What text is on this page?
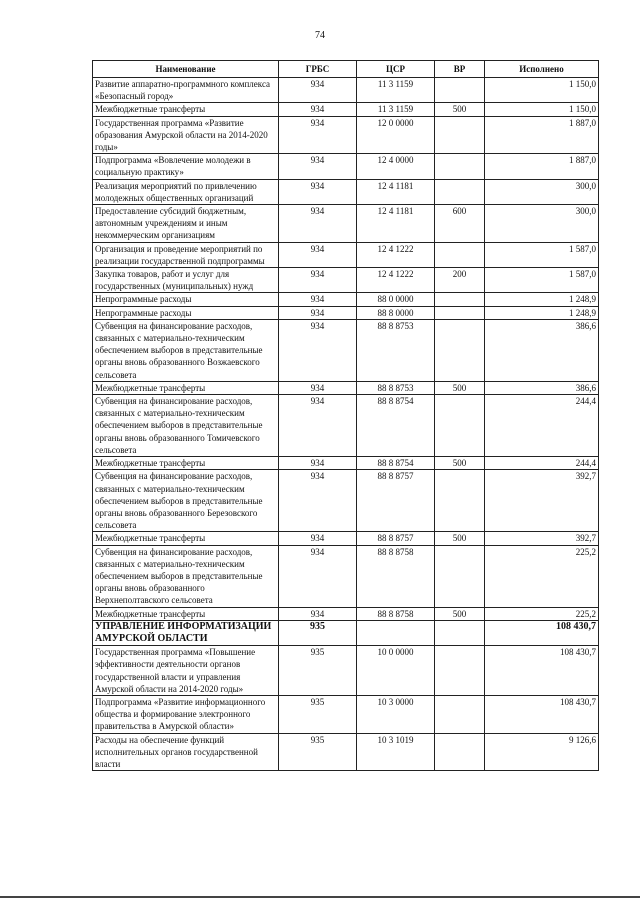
74
Наименование	ГРБС	ЦСР	ВР	Исполнено
Развитие аппаратно-программного комплекса «Безопасный город»	934	11 3 1159		1 150,0
Межбюджетные трансферты	934	11 3 1159	500	1 150,0
Государственная программа «Развитие образования Амурской области на 2014-2020 годы»	934	12 0 0000		1 887,0
Подпрограмма «Вовлечение молодежи в социальную практику»	934	12 4 0000		1 887,0
Реализация мероприятий по привлечению молодежных общественных организаций	934	12 4 1181		300,0
Предоставление субсидий бюджетным, автономным учреждениям и иным некоммерческим организациям	934	12 4 1181	600	300,0
Организация и проведение мероприятий по реализации государственной подпрограммы	934	12 4 1222		1 587,0
Закупка товаров, работ и услуг для государственных (муниципальных) нужд	934	12 4 1222	200	1 587,0
Непрограммные расходы	934	88 0 0000		1 248,9
Непрограммные расходы	934	88 8 0000		1 248,9
Субвенция на финансирование расходов, связанных с материально-техническим обеспечением выборов в представительные органы вновь образованного Возжаевского сельсовета	934	88 8 8753		386,6
Межбюджетные трансферты	934	88 8 8753	500	386,6
Субвенция на финансирование расходов, связанных с материально-техническим обеспечением выборов в представительные органы вновь образованного Томичевского сельсовета	934	88 8 8754		244,4
Межбюджетные трансферты	934	88 8 8754	500	244,4
Субвенция на финансирование расходов, связанных с материально-техническим обеспечением выборов в представительные органы вновь образованного Березовского сельсовета	934	88 8 8757		392,7
Межбюджетные трансферты	934	88 8 8757	500	392,7
Субвенция на финансирование расходов, связанных с материально-техническим обеспечением выборов в представительные органы вновь образованного Верхнеполтавского сельсовета	934	88 8 8758		225,2
Межбюджетные трансферты	934	88 8 8758	500	225,2
УПРАВЛЕНИЕ ИНФОРМАТИЗАЦИИ АМУРСКОЙ ОБЛАСТИ	935			108 430,7
Государственная программа «Повышение эффективности деятельности органов государственной власти и управления Амурской области на 2014-2020 годы»	935	10 0 0000		108 430,7
Подпрограмма «Развитие информационного общества и формирование электронного правительства в Амурской области»	935	10 3 0000		108 430,7
Расходы на обеспечение функций исполнительных органов государственной власти	935	10 3 1019		9 126,6
